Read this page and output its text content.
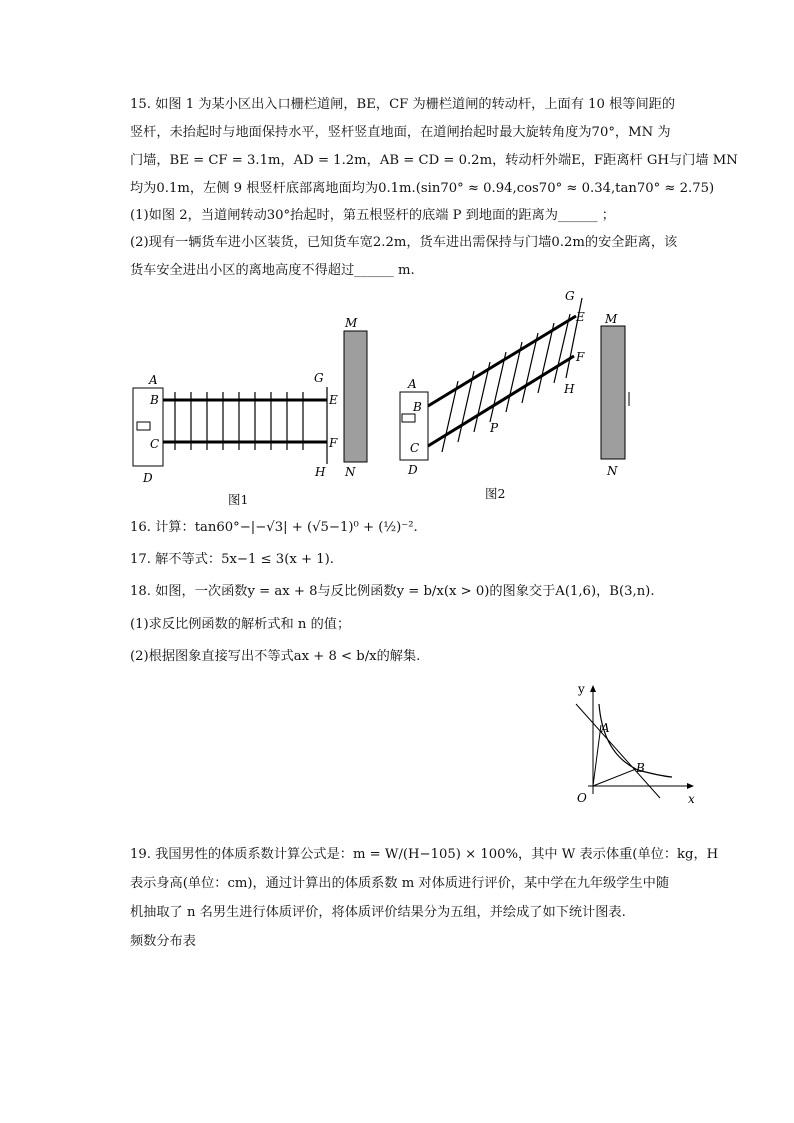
15. 如图 1 为某小区出入口栅栏道闸，BE，CF 为栅栏道闸的转动杆，上面有 10 根等间距的
竖杆，未抬起时与地面保持水平，竖杆竖直地面，在道闸抬起时最大旋转角度为70°，MN 为
门墙，BE = CF = 3.1m，AD = 1.2m，AB = CD = 0.2m，转动杆外端E，F距离杆 GH与门墙 MN
均为0.1m，左侧 9 根竖杆底部离地面均为0.1m.(sin70° ≈ 0.94,cos70° ≈ 0.34,tan70° ≈ 2.75)
(1)如图 2，当道闸转动30°抬起时，第五根竖杆的底端 P 到地面的距离为______ ；
(2)现有一辆货车进小区装货，已知货车宽2.2m，货车进出需保持与门墙0.2m的安全距离，该
货车安全进出小区的离地高度不得超过______ m.
A
B
C
D
G
E
F
H
M
N
图1
A
B
C
D
G
E
F
H
P
M
N
图2
16. 计算：tan60°−|−√3| + (√5−1)⁰ + (½)⁻².
17. 解不等式：5x−1 ≤ 3(x + 1).
18. 如图，一次函数y = ax + 8与反比例函数y = b/x(x > 0)的图象交于A(1,6)，B(3,n).
(1)求反比例函数的解析式和 n 的值；
(2)根据图象直接写出不等式ax + 8 < b/x的解集.
y
x
O
A
B
19. 我国男性的体质系数计算公式是：m = W/(H−105) × 100%，其中 W 表示体重(单位：kg，H
表示身高(单位：cm)，通过计算出的体质系数 m 对体质进行评价，某中学在九年级学生中随
机抽取了 n 名男生进行体质评价，将体质评价结果分为五组，并绘成了如下统计图表.
频数分布表
